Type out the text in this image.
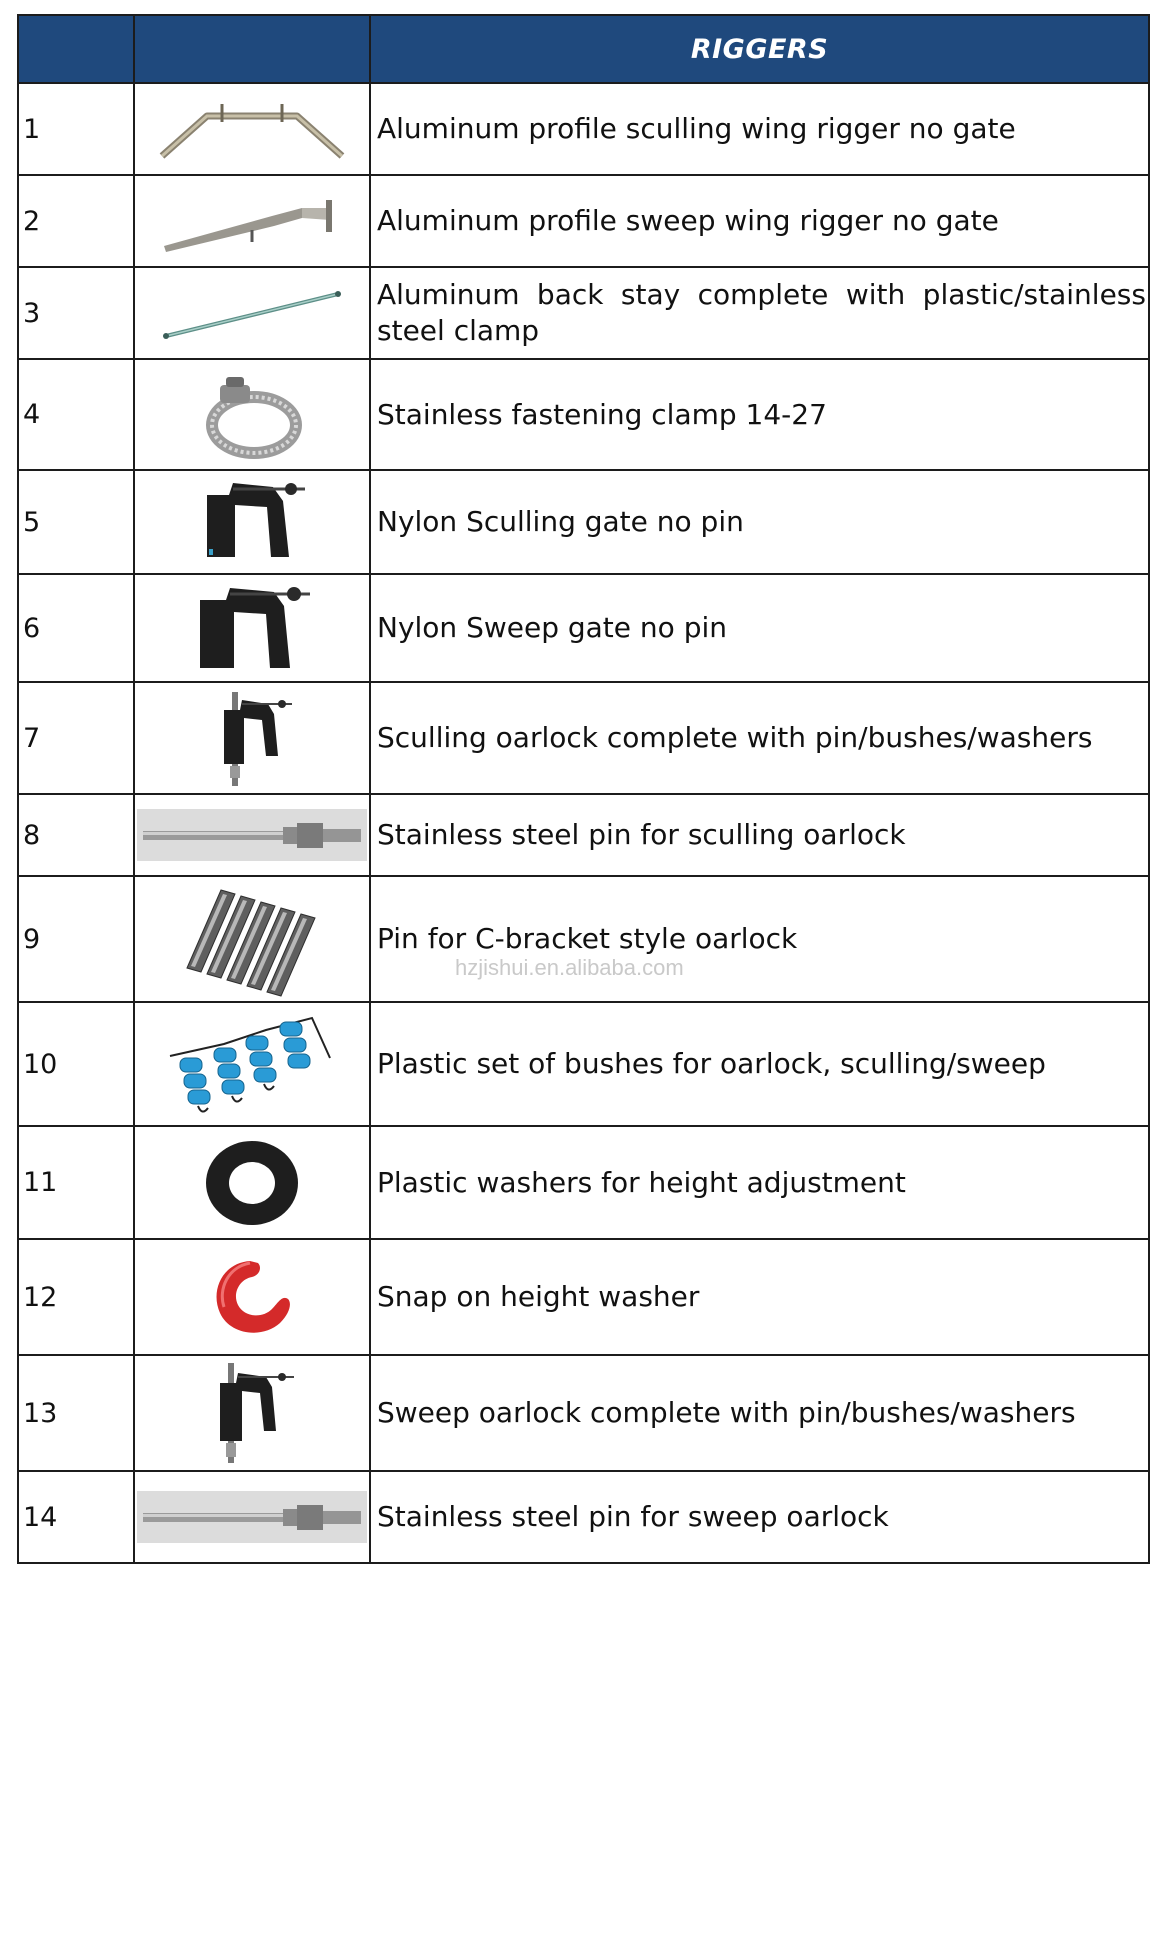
		RIGGERS
1		Aluminum profile sculling wing rigger no gate
2		Aluminum profile sweep wing rigger no gate
3		Aluminum back stay complete with plastic/stainless steel clamp
4		Stainless fastening clamp 14-27
5		Nylon Sculling gate no pin
6		Nylon Sweep gate no pin
7		Sculling oarlock complete with pin/bushes/washers
8		Stainless steel pin for sculling oarlock
9		Pin for C-bracket style oarlock
10		Plastic set of bushes for oarlock, sculling/sweep
11		Plastic washers for height adjustment
12		Snap on height washer
13		Sweep oarlock complete with pin/bushes/washers
14		Stainless steel pin for sweep oarlock
hzjishui.en.alibaba.com
